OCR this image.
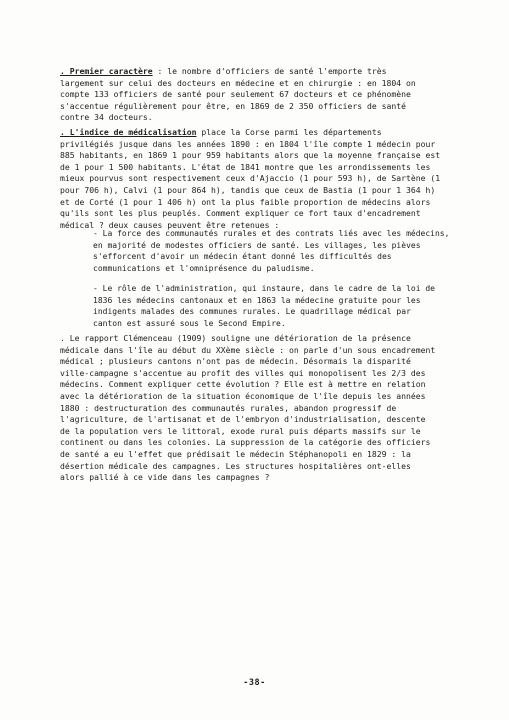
. Premier caractère : le nombre d'officiers de santé l'emporte très
largement sur celui des docteurs en médecine et en chirurgie : en 1804 on
compte 133 officiers de santé pour seulement 67 docteurs et ce phénomène
s'accentue régulièrement pour être, en 1869 de 2 350 officiers de santé
contre 34 docteurs.
. L'indice de médicalisation place la Corse parmi les départements
privilégiés jusque dans les années 1890 : en 1804 l'île compte 1 médecin pour
885 habitants, en 1869 1 pour 959 habitants alors que la moyenne française est
de 1 pour 1 500 habitants. L'état de 1841 montre que les arrondissements les
mieux pourvus sont respectivement ceux d'Ajaccio (1 pour 593 h), de Sartène (1
pour 706 h), Calvi (1 pour 864 h), tandis que ceux de Bastia (1 pour 1 364 h)
et de Corté (1 pour 1 406 h) ont la plus faible proportion de médecins alors
qu'ils sont les plus peuplés. Comment expliquer ce fort taux d'encadrement
médical ? deux causes peuvent être retenues :
- La force des communautés rurales et des contrats liés avec les médecins,
en majorité de modestes officiers de santé. Les villages, les pièves
s'efforcent d'avoir un médecin étant donné les difficultés des
communications et l'omniprésence du paludisme.
- Le rôle de l'administration, qui instaure, dans le cadre de la loi de
1836 les médecins cantonaux et en 1863 la médecine gratuite pour les
indigents malades des communes rurales. Le quadrillage médical par
canton est assuré sous le Second Empire.
. Le rapport Clémenceau (1909) souligne une détérioration de la présence
médicale dans l'île au début du XXème siècle : on parle d'un sous encadrement
médical ; plusieurs cantons n'ont pas de médecin. Désormais la disparité
ville-campagne s'accentue au profit des villes qui monopolisent les 2/3 des
médecins. Comment expliquer cette évolution ? Elle est à mettre en relation
avec la détérioration de la situation économique de l'île depuis les années
1880 : destructuration des communautés rurales, abandon progressif de
l'agriculture, de l'artisanat et de l'embryon d'industrialisation, descente
de la population vers le littoral, exode rural puis départs massifs sur le
continent ou dans les colonies. La suppression de la catégorie des officiers
de santé a eu l'effet que prédisait le médecin Stéphanopoli en 1829 : la
désertion médicale des campagnes. Les structures hospitalières ont-elles
alors pallié à ce vide dans les campagnes ?
-38-
